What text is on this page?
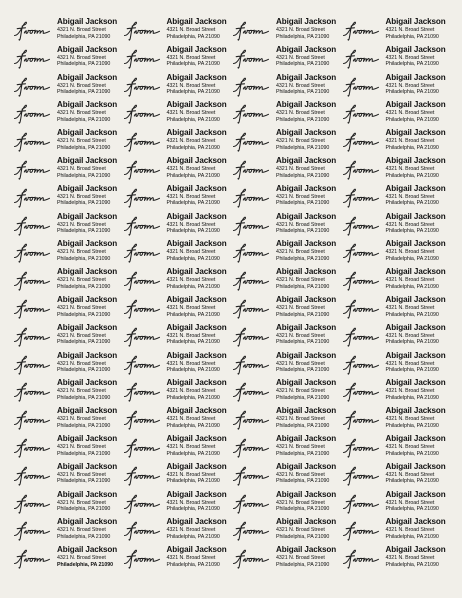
Abigail Jackson
4321 N. Broad Street
Philadelphia, PA 21090
Abigail Jackson
4321 N. Broad Street
Philadelphia, PA 21090
Abigail Jackson
4321 N. Broad Street
Philadelphia, PA 21090
Abigail Jackson
4321 N. Broad Street
Philadelphia, PA 21090
Abigail Jackson
4321 N. Broad Street
Philadelphia, PA 21090
Abigail Jackson
4321 N. Broad Street
Philadelphia, PA 21090
Abigail Jackson
4321 N. Broad Street
Philadelphia, PA 21090
Abigail Jackson
4321 N. Broad Street
Philadelphia, PA 21090
Abigail Jackson
4321 N. Broad Street
Philadelphia, PA 21090
Abigail Jackson
4321 N. Broad Street
Philadelphia, PA 21090
Abigail Jackson
4321 N. Broad Street
Philadelphia, PA 21090
Abigail Jackson
4321 N. Broad Street
Philadelphia, PA 21090
Abigail Jackson
4321 N. Broad Street
Philadelphia, PA 21090
Abigail Jackson
4321 N. Broad Street
Philadelphia, PA 21090
Abigail Jackson
4321 N. Broad Street
Philadelphia, PA 21090
Abigail Jackson
4321 N. Broad Street
Philadelphia, PA 21090
Abigail Jackson
4321 N. Broad Street
Philadelphia, PA 21090
Abigail Jackson
4321 N. Broad Street
Philadelphia, PA 21090
Abigail Jackson
4321 N. Broad Street
Philadelphia, PA 21090
Abigail Jackson
4321 N. Broad Street
Philadelphia, PA 21090
Abigail Jackson
4321 N. Broad Street
Philadelphia, PA 21090
Abigail Jackson
4321 N. Broad Street
Philadelphia, PA 21090
Abigail Jackson
4321 N. Broad Street
Philadelphia, PA 21090
Abigail Jackson
4321 N. Broad Street
Philadelphia, PA 21090
Abigail Jackson
4321 N. Broad Street
Philadelphia, PA 21090
Abigail Jackson
4321 N. Broad Street
Philadelphia, PA 21090
Abigail Jackson
4321 N. Broad Street
Philadelphia, PA 21090
Abigail Jackson
4321 N. Broad Street
Philadelphia, PA 21090
Abigail Jackson
4321 N. Broad Street
Philadelphia, PA 21090
Abigail Jackson
4321 N. Broad Street
Philadelphia, PA 21090
Abigail Jackson
4321 N. Broad Street
Philadelphia, PA 21090
Abigail Jackson
4321 N. Broad Street
Philadelphia, PA 21090
Abigail Jackson
4321 N. Broad Street
Philadelphia, PA 21090
Abigail Jackson
4321 N. Broad Street
Philadelphia, PA 21090
Abigail Jackson
4321 N. Broad Street
Philadelphia, PA 21090
Abigail Jackson
4321 N. Broad Street
Philadelphia, PA 21090
Abigail Jackson
4321 N. Broad Street
Philadelphia, PA 21090
Abigail Jackson
4321 N. Broad Street
Philadelphia, PA 21090
Abigail Jackson
4321 N. Broad Street
Philadelphia, PA 21090
Abigail Jackson
4321 N. Broad Street
Philadelphia, PA 21090
Abigail Jackson
4321 N. Broad Street
Philadelphia, PA 21090
Abigail Jackson
4321 N. Broad Street
Philadelphia, PA 21090
Abigail Jackson
4321 N. Broad Street
Philadelphia, PA 21090
Abigail Jackson
4321 N. Broad Street
Philadelphia, PA 21090
Abigail Jackson
4321 N. Broad Street
Philadelphia, PA 21090
Abigail Jackson
4321 N. Broad Street
Philadelphia, PA 21090
Abigail Jackson
4321 N. Broad Street
Philadelphia, PA 21090
Abigail Jackson
4321 N. Broad Street
Philadelphia, PA 21090
Abigail Jackson
4321 N. Broad Street
Philadelphia, PA 21090
Abigail Jackson
4321 N. Broad Street
Philadelphia, PA 21090
Abigail Jackson
4321 N. Broad Street
Philadelphia, PA 21090
Abigail Jackson
4321 N. Broad Street
Philadelphia, PA 21090
Abigail Jackson
4321 N. Broad Street
Philadelphia, PA 21090
Abigail Jackson
4321 N. Broad Street
Philadelphia, PA 21090
Abigail Jackson
4321 N. Broad Street
Philadelphia, PA 21090
Abigail Jackson
4321 N. Broad Street
Philadelphia, PA 21090
Abigail Jackson
4321 N. Broad Street
Philadelphia, PA 21090
Abigail Jackson
4321 N. Broad Street
Philadelphia, PA 21090
Abigail Jackson
4321 N. Broad Street
Philadelphia, PA 21090
Abigail Jackson
4321 N. Broad Street
Philadelphia, PA 21090
Abigail Jackson
4321 N. Broad Street
Philadelphia, PA 21090
Abigail Jackson
4321 N. Broad Street
Philadelphia, PA 21090
Abigail Jackson
4321 N. Broad Street
Philadelphia, PA 21090
Abigail Jackson
4321 N. Broad Street
Philadelphia, PA 21090
Abigail Jackson
4321 N. Broad Street
Philadelphia, PA 21090
Abigail Jackson
4321 N. Broad Street
Philadelphia, PA 21090
Abigail Jackson
4321 N. Broad Street
Philadelphia, PA 21090
Abigail Jackson
4321 N. Broad Street
Philadelphia, PA 21090
Abigail Jackson
4321 N. Broad Street
Philadelphia, PA 21090
Abigail Jackson
4321 N. Broad Street
Philadelphia, PA 21090
Abigail Jackson
4321 N. Broad Street
Philadelphia, PA 21090
Abigail Jackson
4321 N. Broad Street
Philadelphia, PA 21090
Abigail Jackson
4321 N. Broad Street
Philadelphia, PA 21090
Abigail Jackson
4321 N. Broad Street
Philadelphia, PA 21090
Abigail Jackson
4321 N. Broad Street
Philadelphia, PA 21090
Abigail Jackson
4321 N. Broad Street
Philadelphia, PA 21090
Abigail Jackson
4321 N. Broad Street
Philadelphia, PA 21090
Abigail Jackson
4321 N. Broad Street
Philadelphia, PA 21090
Abigail Jackson
4321 N. Broad Street
Philadelphia, PA 21090
Abigail Jackson
4321 N. Broad Street
Philadelphia, PA 21090
